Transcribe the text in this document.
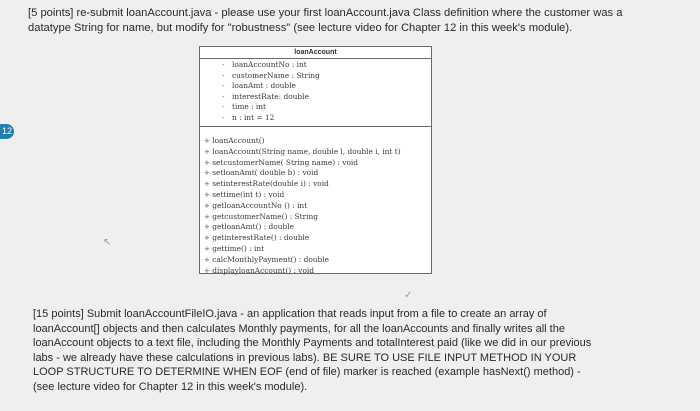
[5 points] re-submit loanAccount.java - please use your first loanAccount.java Class definition where the customer was a datatype String for name, but modify for "robustness" (see lecture video for Chapter 12 in this week's module).
12
loanAccount
- loanAccountNo : int
- customerName : String
- loanAmt : double
- interestRate: double
- time : int
- n : int = 12
+ loanAccount()
+ loanAccount(String name, double l, double i, int t)
+ setcustomerName( String name) : void
+ setloanAmt( double b) : void
+ setinterestRate(double i) : void
+ settime(int t) : void
+ getloanAccountNo () : int
+ getcustomerName() : String
+ getloanAmt() : double
+ getinterestRate() : double
+ gettime() : int
+ calcMonthlyPayment() : double
+ displayloanAccount() : void
[15 points] Submit loanAccountFileIO.java - an application that reads input from a file to create an array of loanAccount[] objects and then calculates Monthly payments, for all the loanAccounts and finally writes all the loanAccount objects to a text file, including the Monthly Payments and totalInterest paid (like we did in our previous labs - we already have these calculations in previous labs). BE SURE TO USE FILE INPUT METHOD IN YOUR LOOP STRUCTURE TO DETERMINE WHEN EOF (end of file) marker is reached (example hasNext() method) - (see lecture video for Chapter 12 in this week's module).
↖
✓
